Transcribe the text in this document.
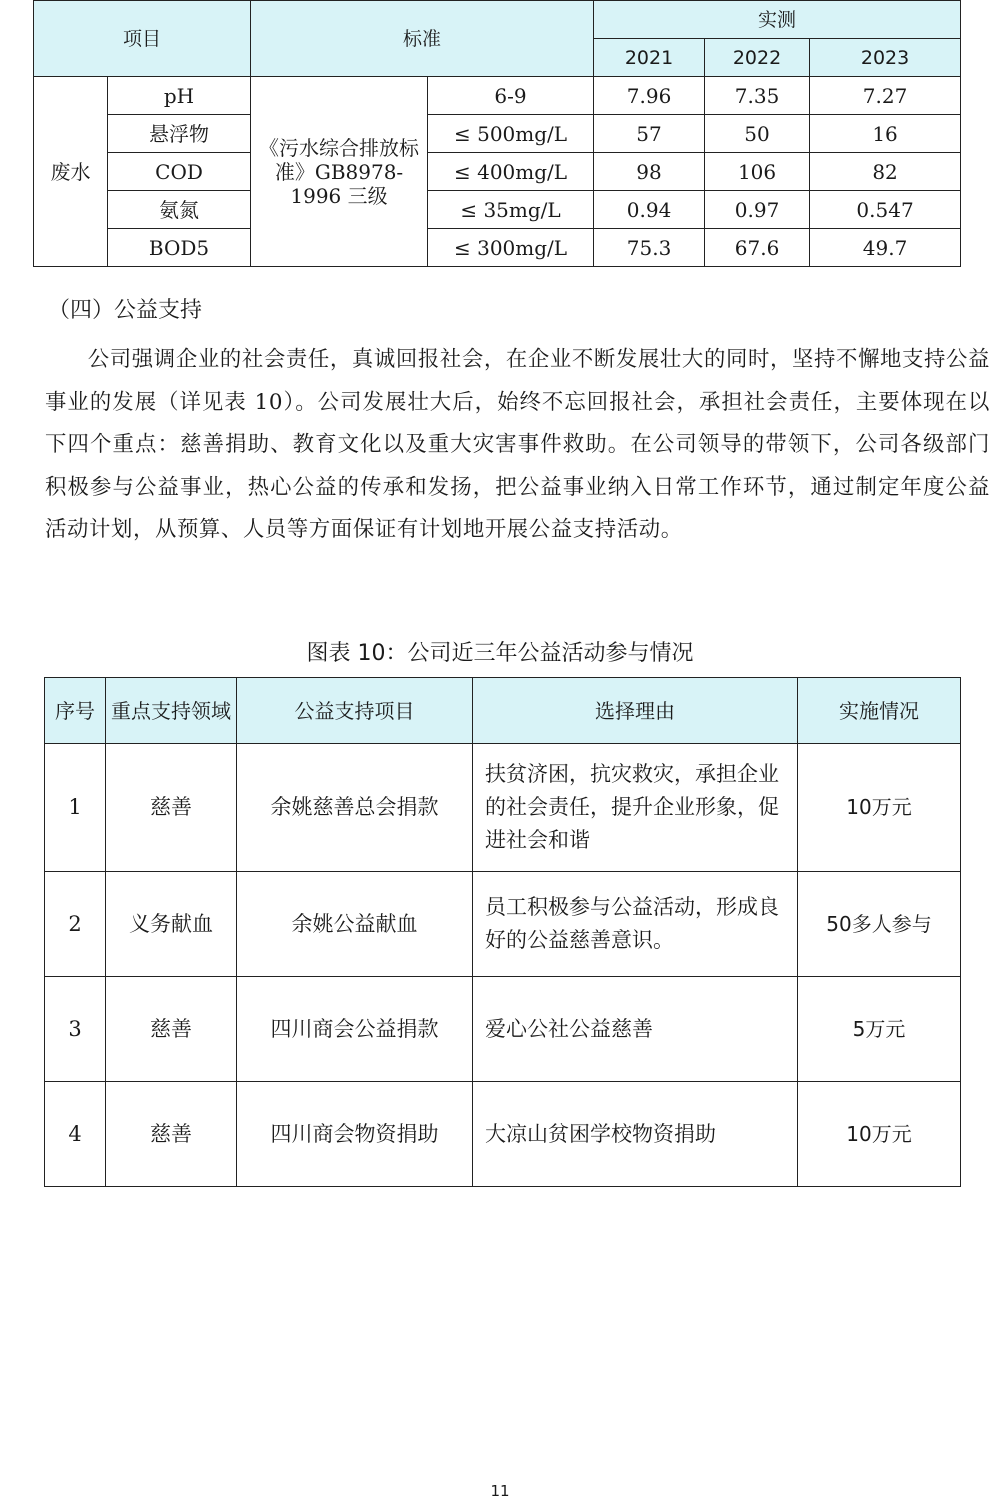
项目		标准		实测		
				2021	2022	2023
废水	pH	《污水综合排放标准》GB8978-1996 三级	6-9	7.96	7.35	7.27
	悬浮物		≤ 500mg/L	57	50	16
	COD		≤ 400mg/L	98	106	82
	氨氮		≤ 35mg/L	0.94	0.97	0.547
	BOD5		≤ 300mg/L	75.3	67.6	49.7
（四）公益支持

公司强调企业的社会责任，真诚回报社会，在企业不断发展壮大的同时，坚持不懈地支持公益事业的发展（详见表 10）。公司发展壮大后，始终不忘回报社会，承担社会责任，主要体现在以下四个重点：慈善捐助、教育文化以及重大灾害事件救助。在公司领导的带领下，公司各级部门积极参与公益事业，热心公益的传承和发扬，把公益事业纳入日常工作环节，通过制定年度公益活动计划，从预算、人员等方面保证有计划地开展公益支持活动。

图表 10：公司近三年公益活动参与情况
序号	重点支持领域	公益支持项目	选择理由	实施情况
1	慈善	余姚慈善总会捐款	扶贫济困，抗灾救灾，承担企业的社会责任，提升企业形象，促进社会和谐	10万元
2	义务献血	余姚公益献血	员工积极参与公益活动，形成良好的公益慈善意识。	50多人参与
3	慈善	四川商会公益捐款	爱心公社公益慈善	5万元
4	慈善	四川商会物资捐助	大凉山贫困学校物资捐助	10万元
11
